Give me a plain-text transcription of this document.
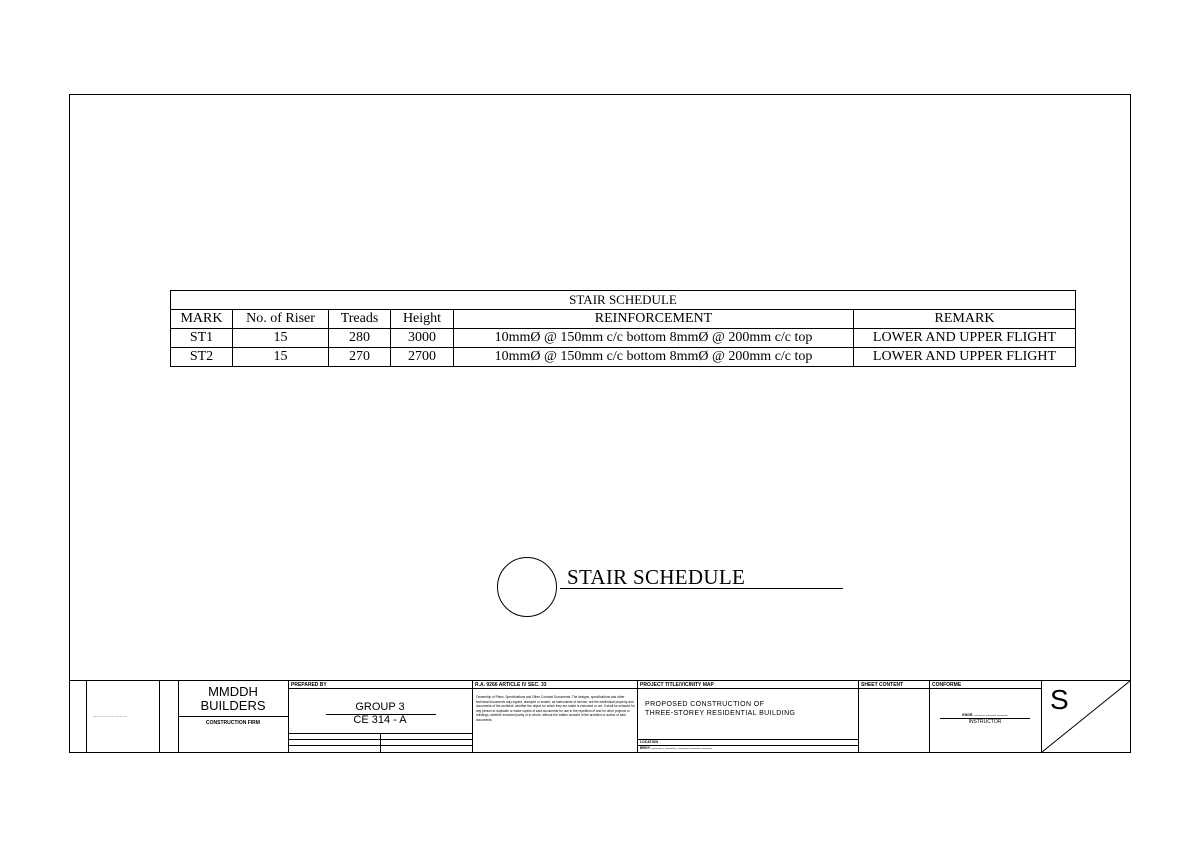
STAIR SCHEDULE					
MARK	No. of Riser	Treads	Height	REINFORCEMENT	REMARK
ST1	15	280	3000	10mmØ @ 150mm c/c bottom 8mmØ @ 200mm c/c top	LOWER AND UPPER FLIGHT
ST2	15	270	2700	10mmØ @ 150mm c/c bottom 8mmØ @ 200mm c/c top	LOWER AND UPPER FLIGHT
STAIR SCHEDULE
— — — — — — — — —
MMDDH
BUILDERS
CONSTRUCTION FIRM
PREPARED BY
GROUP 3
CE 314 - A
R.A. 9266 ARTICLE IV SEC. 33
Ownership of Plans, Specifications and Other Contract Documents. The designs, specifications and other technical documents duly signed, stamped or sealed, as instruments of service, are the intellectual property and documents of the architect, whether the object for which they are made is executed or not. It shall be unlawful for any person to duplicate or make copies of said documents for use in the repetition of and for other projects or buildings, whether executed partly or in whole, without the written consent of the architect or author of said documents.
PROJECT TITLE/VICINITY MAP
PROPOSED CONSTRUCTION OF
THREE-STOREY RESIDENTIAL BUILDING
LOCATION
BRGY. ——— , ——— , ——— ——— ———
SHEET CONTENT	CONFORME
ENGR. ——— ——— ———
INSTRUCTOR
S
